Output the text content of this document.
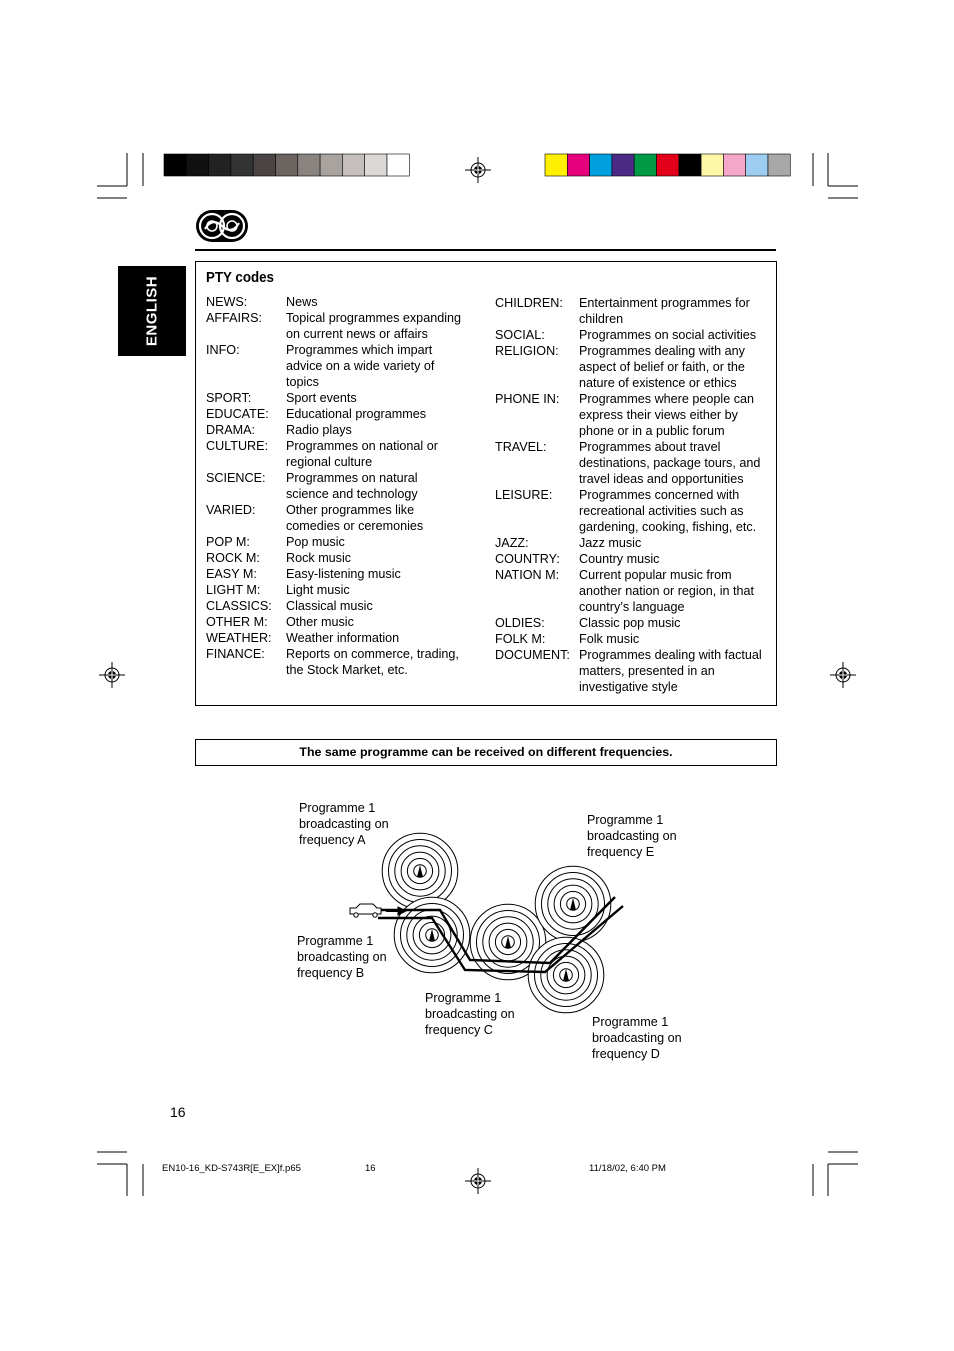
ENGLISH	PTY codes
NEWS:	News
AFFAIRS:	Topical programmes expanding
on current news or affairs
INFO:	Programmes which impart
advice on a wide variety of
topics
SPORT:	Sport events
EDUCATE:	Educational programmes
DRAMA:	Radio plays
CULTURE:	Programmes on national or
regional culture
SCIENCE:	Programmes on natural
science and technology
VARIED:	Other programmes like
comedies or ceremonies
POP M:	Pop music
ROCK M:	Rock music
EASY M:	Easy-listening music
LIGHT M:	Light music
CLASSICS:	Classical music
OTHER M:	Other music
WEATHER:	Weather information
FINANCE:	Reports on commerce, trading,
the Stock Market, etc.
CHILDREN:	Entertainment programmes for
children
SOCIAL:	Programmes on social activities
RELIGION:	Programmes dealing with any
aspect of belief or faith, or the
nature of existence or ethics
PHONE IN:	Programmes where people can
express their views either by
phone or in a public forum
TRAVEL:	Programmes about travel
destinations, package tours, and
travel ideas and opportunities
LEISURE:	Programmes concerned with
recreational activities such as
gardening, cooking, fishing, etc.
JAZZ:	Jazz music
COUNTRY:	Country music
NATION M:	Current popular music from
another nation or region, in that
country’s language
OLDIES:	Classic pop music
FOLK M:	Folk music
DOCUMENT: Programmes dealing with factual
matters, presented in an
investigative style
The same programme can be received on different frequencies.
Programme 1
broadcasting on
frequency A
Programme 1
broadcasting on
frequency E
Programme 1
broadcasting on
frequency B
Programme 1
broadcasting on
frequency C
Programme 1
broadcasting on
frequency D
16
EN10-16_KD-S743R[E_EX]f.p65	16	11/18/02, 6:40 PM
